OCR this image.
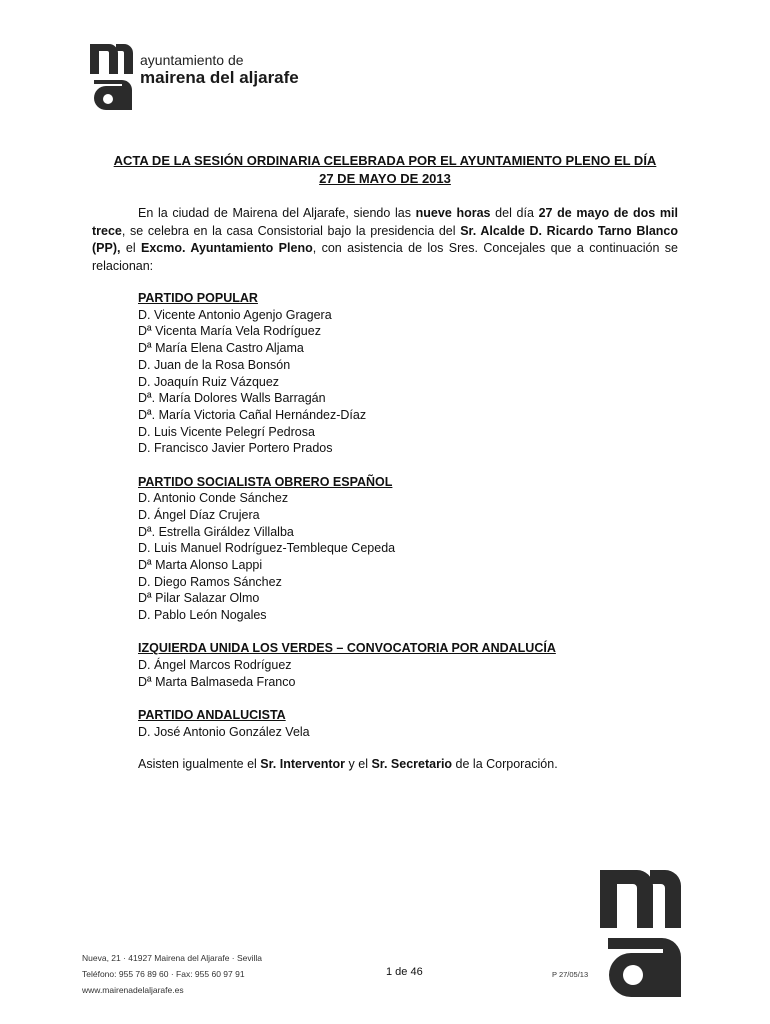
ayuntamiento de
mairena del aljarafe
ACTA DE LA SESIÓN ORDINARIA CELEBRADA POR EL AYUNTAMIENTO PLENO EL DÍA
27 DE MAYO DE 2013
En la ciudad de Mairena del Aljarafe, siendo las nueve horas del día 27 de mayo de dos mil trece, se celebra en la casa Consistorial bajo la presidencia del Sr. Alcalde D. Ricardo Tarno Blanco (PP), el Excmo. Ayuntamiento Pleno, con asistencia de los Sres. Concejales que a continuación se relacionan:
PARTIDO POPULAR
D. Vicente Antonio Agenjo Gragera
Dª Vicenta María Vela Rodríguez
Dª María Elena Castro Aljama
D. Juan de la Rosa Bonsón
D. Joaquín Ruiz Vázquez
Dª. María Dolores Walls Barragán
Dª. María Victoria Cañal Hernández-Díaz
D. Luis Vicente Pelegrí Pedrosa
D. Francisco Javier Portero Prados
PARTIDO SOCIALISTA OBRERO ESPAÑOL
D. Antonio Conde Sánchez
D. Ángel Díaz Crujera
Dª. Estrella Giráldez Villalba
D. Luis Manuel Rodríguez-Tembleque Cepeda
Dª Marta Alonso Lappi
D. Diego Ramos Sánchez
Dª Pilar Salazar Olmo
D. Pablo León Nogales
IZQUIERDA UNIDA LOS VERDES – CONVOCATORIA POR ANDALUCÍA
D. Ángel Marcos Rodríguez
Dª Marta Balmaseda Franco
PARTIDO ANDALUCISTA
D. José Antonio González Vela
Asisten igualmente el Sr. Interventor y el Sr. Secretario de la Corporación.
Nueva, 21 · 41927 Mairena del Aljarafe · Sevilla
Teléfono: 955 76 89 60 · Fax: 955 60 97 91
www.mairenadelaljarafe.es
1 de 46	P 27/05/13
